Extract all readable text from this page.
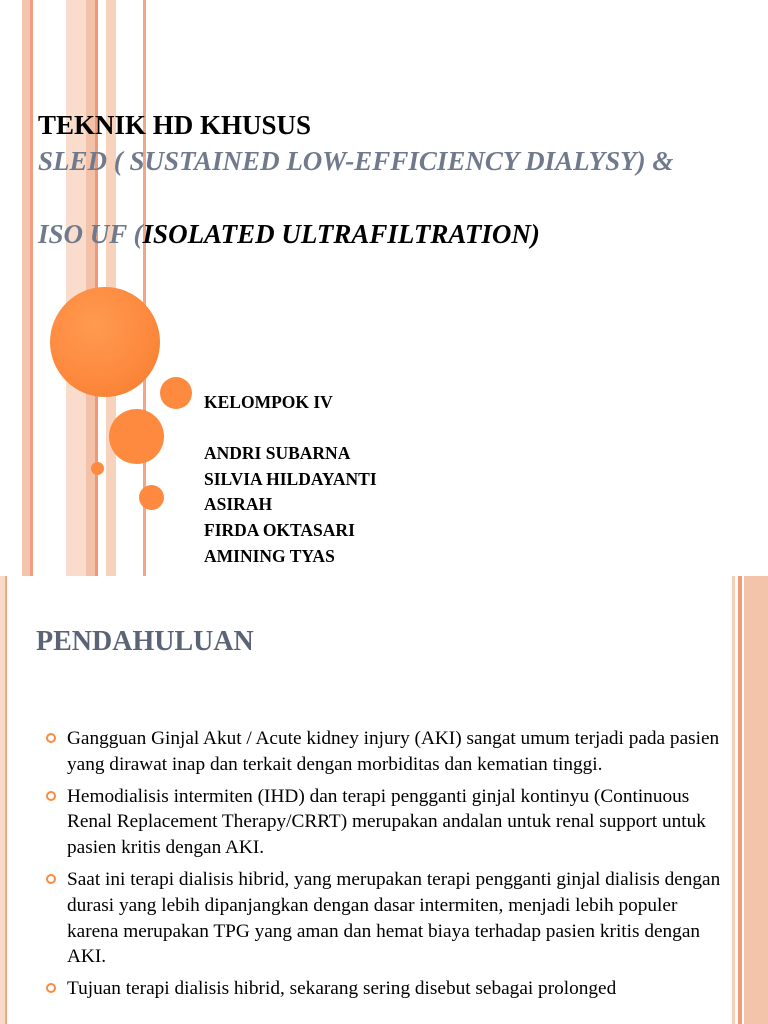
TEKNIK HD KHUSUS
SLED ( SUSTAINED LOW-EFFICIENCY DIALYSY) &
ISO UF (ISOLATED ULTRAFILTRATION)
KELOMPOK IV
ANDRI SUBARNA
SILVIA HILDAYANTI
ASIRAH
FIRDA OKTASARI
AMINING TYAS
PENDAHULUAN
Gangguan Ginjal Akut / Acute kidney injury (AKI) sangat umum terjadi pada pasien yang dirawat inap dan terkait dengan morbiditas dan kematian tinggi.
Hemodialisis intermiten (IHD) dan terapi pengganti ginjal kontinyu (Continuous Renal Replacement Therapy/CRRT) merupakan andalan untuk renal support untuk pasien kritis dengan AKI.
Saat ini terapi dialisis hibrid, yang merupakan terapi pengganti ginjal dialisis dengan durasi yang lebih dipanjangkan dengan dasar intermiten, menjadi lebih populer karena merupakan TPG yang aman dan hemat biaya terhadap pasien kritis dengan AKI.
Tujuan terapi dialisis hibrid, sekarang sering disebut sebagai prolonged
